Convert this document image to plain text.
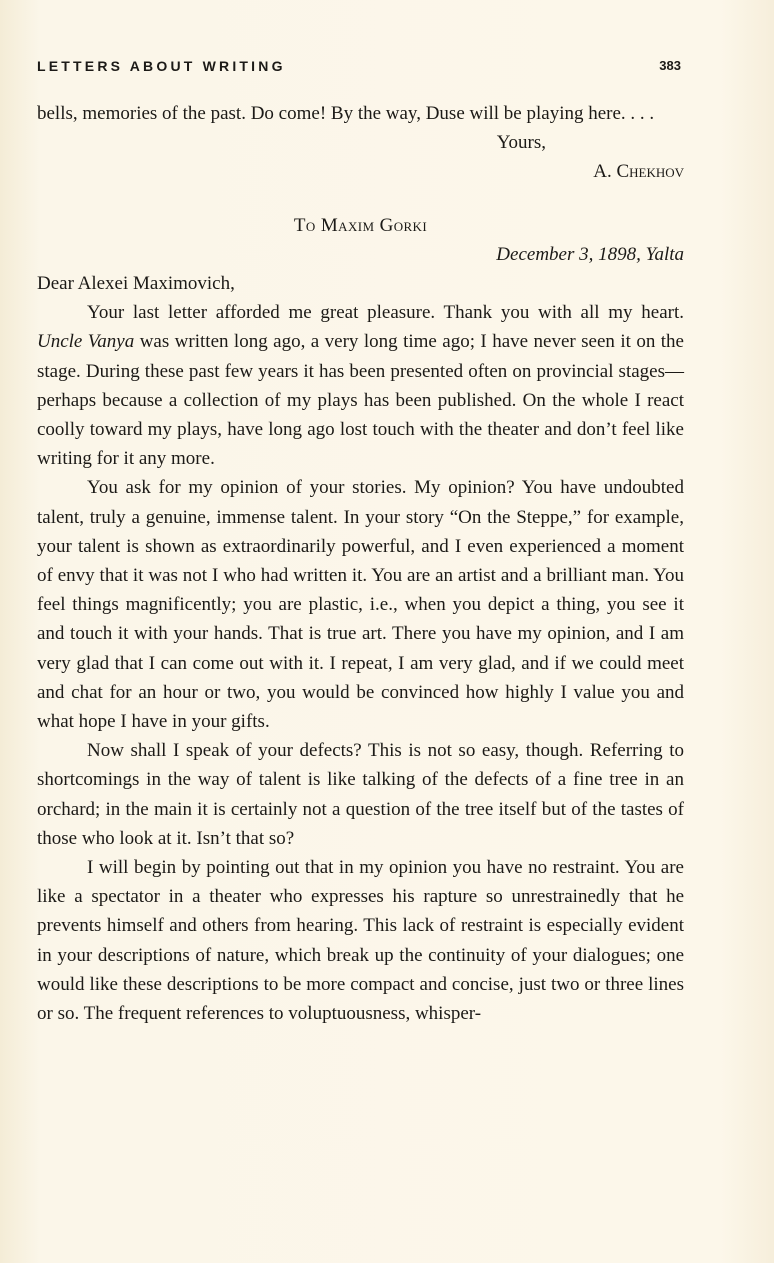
LETTERS ABOUT WRITING	383

bells, memories of the past. Do come! By the way, Duse will be playing here. . . .

Yours,

A. Chekhov

To Maxim Gorki

December 3, 1898, Yalta

Dear Alexei Maximovich,

Your last letter afforded me great pleasure. Thank you with all my heart. Uncle Vanya was written long ago, a very long time ago; I have never seen it on the stage. During these past few years it has been presented often on provincial stages—perhaps because a collection of my plays has been published. On the whole I react coolly toward my plays, have long ago lost touch with the theater and don’t feel like writing for it any more.

You ask for my opinion of your stories. My opinion? You have undoubted talent, truly a genuine, immense talent. In your story “On the Steppe,” for example, your talent is shown as extraordinarily powerful, and I even experienced a moment of envy that it was not I who had written it. You are an artist and a brilliant man. You feel things magnificently; you are plastic, i.e., when you depict a thing, you see it and touch it with your hands. That is true art. There you have my opinion, and I am very glad that I can come out with it. I repeat, I am very glad, and if we could meet and chat for an hour or two, you would be convinced how highly I value you and what hope I have in your gifts.

Now shall I speak of your defects? This is not so easy, though. Referring to shortcomings in the way of talent is like talking of the defects of a fine tree in an orchard; in the main it is certainly not a question of the tree itself but of the tastes of those who look at it. Isn’t that so?

I will begin by pointing out that in my opinion you have no restraint. You are like a spectator in a theater who expresses his rapture so unrestrainedly that he prevents himself and others from hearing. This lack of restraint is especially evident in your descriptions of nature, which break up the continuity of your dialogues; one would like these descriptions to be more compact and concise, just two or three lines or so. The frequent references to voluptuousness, whisper-
